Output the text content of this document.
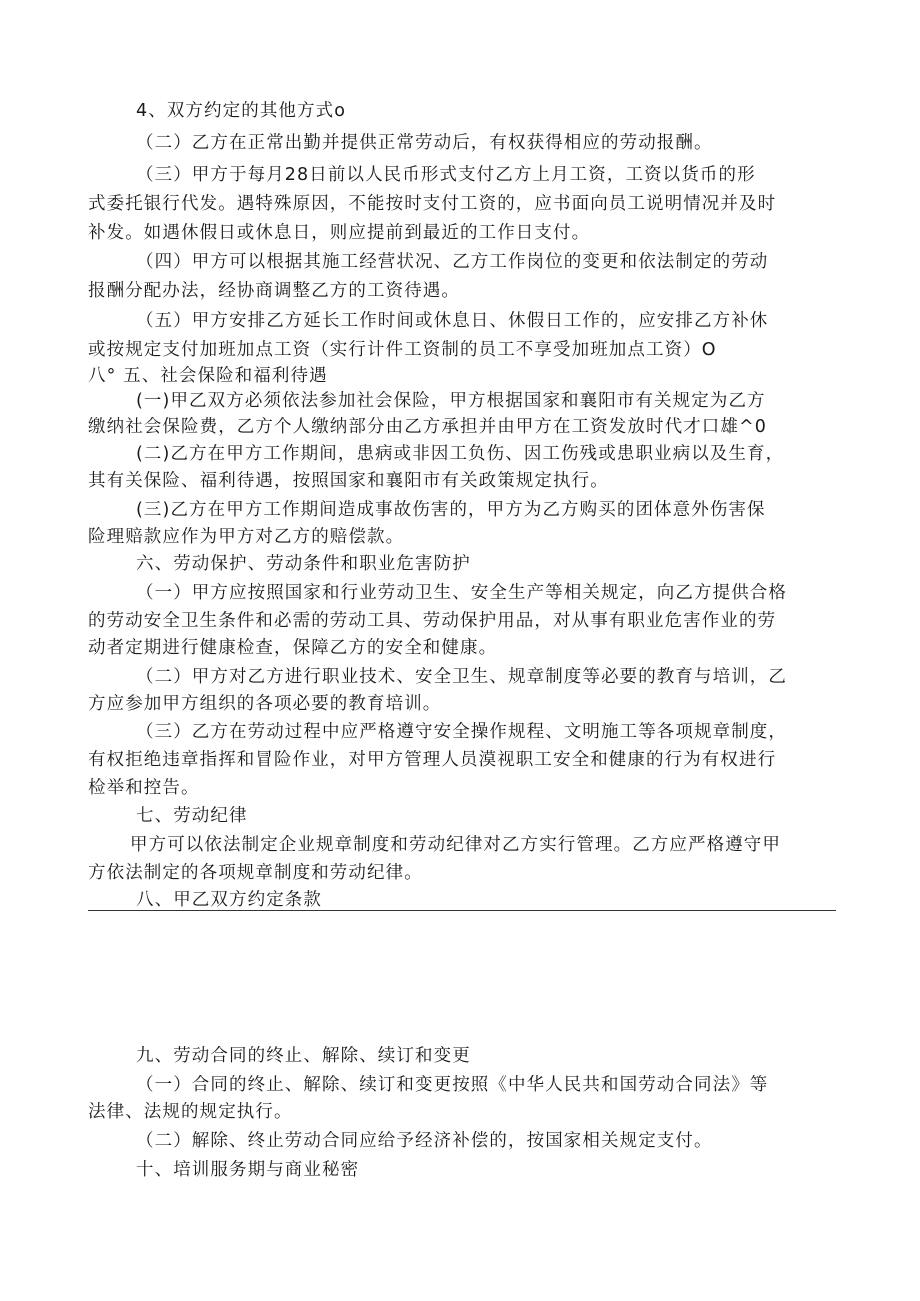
4、双方约定的其他方式o
（二）乙方在正常出勤并提供正常劳动后，有权获得相应的劳动报酬。
（三）甲方于每月28日前以人民币形式支付乙方上月工资，工资以货币的形
式委托银行代发。遇特殊原因，不能按时支付工资的，应书面向员工说明情况并及时
补发。如遇休假日或休息日，则应提前到最近的工作日支付。
（四）甲方可以根据其施工经营状况、乙方工作岗位的变更和依法制定的劳动
报酬分配办法，经协商调整乙方的工资待遇。
（五）甲方安排乙方延长工作时间或休息日、休假日工作的，应安排乙方补休
或按规定支付加班加点工资（实行计件工资制的员工不享受加班加点工资）O
八° 五、社会保险和福利待遇
(一)甲乙双方必须依法参加社会保险，甲方根据国家和襄阳市有关规定为乙方
缴纳社会保险费，乙方个人缴纳部分由乙方承担并由甲方在工资发放时代才口雄^0
(二)乙方在甲方工作期间，患病或非因工负伤、因工伤残或患职业病以及生育，
其有关保险、福利待遇，按照国家和襄阳市有关政策规定执行。
(三)乙方在甲方工作期间造成事故伤害的，甲方为乙方购买的团体意外伤害保
险理赔款应作为甲方对乙方的赔偿款。
六、劳动保护、劳动条件和职业危害防护
（一）甲方应按照国家和行业劳动卫生、安全生产等相关规定，向乙方提供合格
的劳动安全卫生条件和必需的劳动工具、劳动保护用品，对从事有职业危害作业的劳
动者定期进行健康检查，保障乙方的安全和健康。
（二）甲方对乙方进行职业技术、安全卫生、规章制度等必要的教育与培训，乙
方应参加甲方组织的各项必要的教育培训。
（三）乙方在劳动过程中应严格遵守安全操作规程、文明施工等各项规章制度，
有权拒绝违章指挥和冒险作业，对甲方管理人员漠视职工安全和健康的行为有权进行
检举和控告。
七、劳动纪律
甲方可以依法制定企业规章制度和劳动纪律对乙方实行管理。乙方应严格遵守甲
方依法制定的各项规章制度和劳动纪律。
八、甲乙双方约定条款
九、劳动合同的终止、解除、续订和变更
（一）合同的终止、解除、续订和变更按照《中华人民共和国劳动合同法》等
法律、法规的规定执行。
（二）解除、终止劳动合同应给予经济补偿的，按国家相关规定支付。
十、培训服务期与商业秘密
